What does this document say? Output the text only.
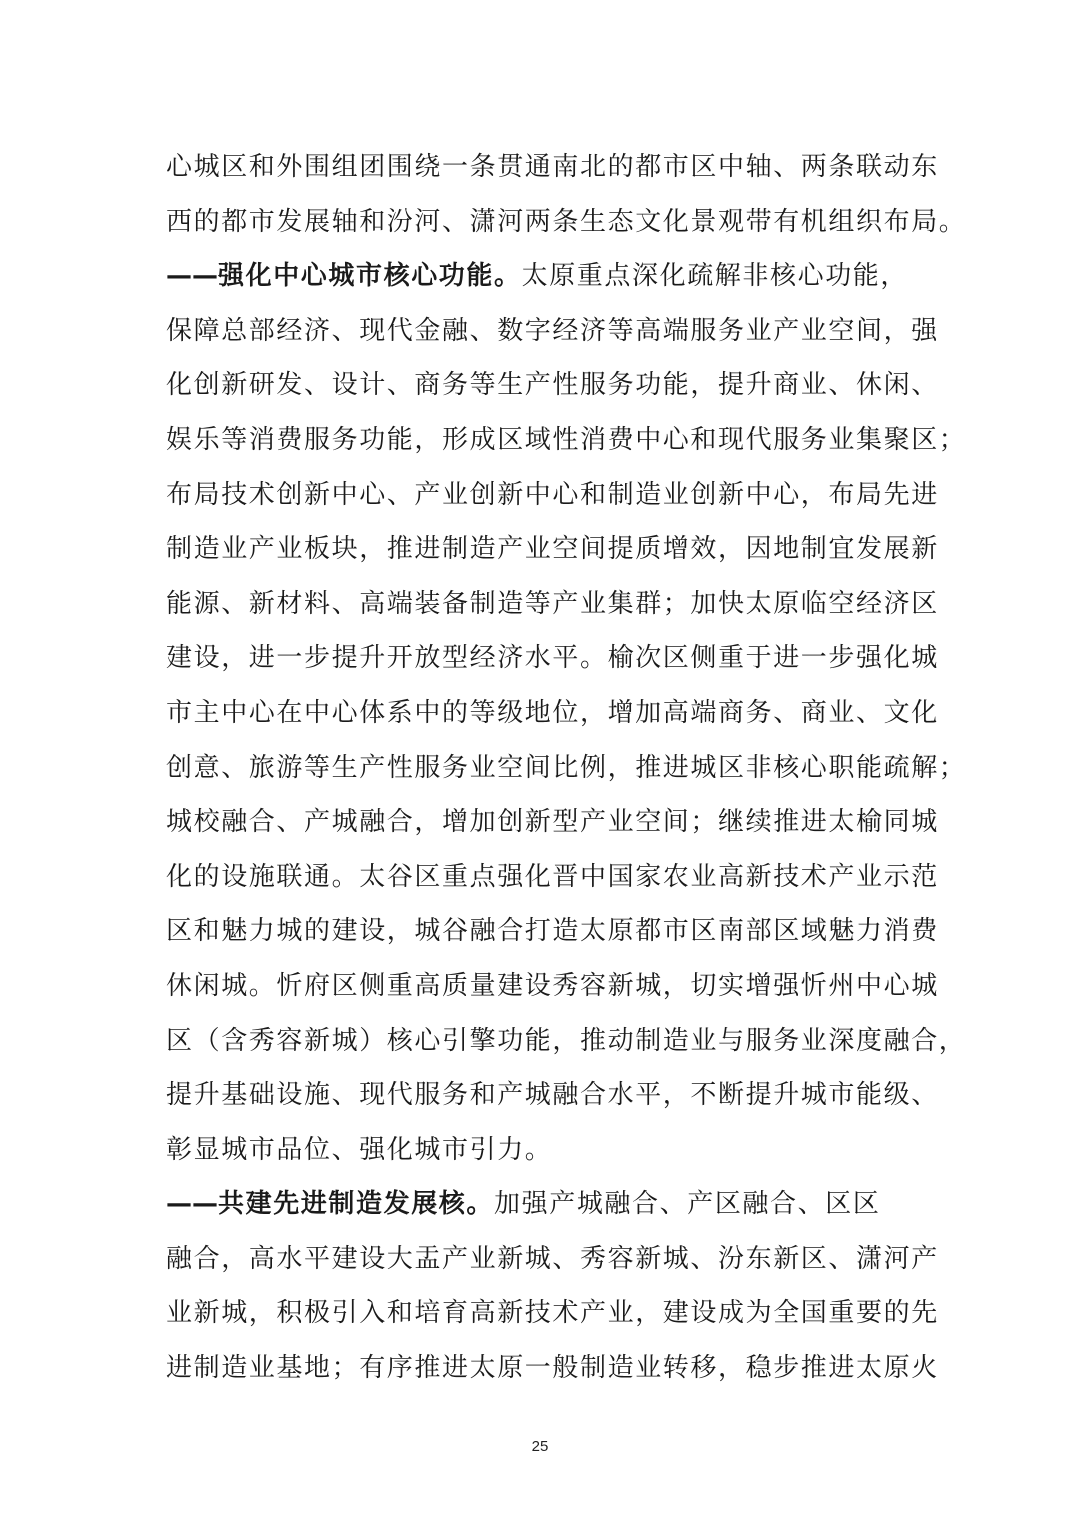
心城区和外围组团围绕一条贯通南北的都市区中轴、两条联动东
西的都市发展轴和汾河、潇河两条生态文化景观带有机组织布局。
——强化中心城市核心功能。太原重点深化疏解非核心功能，
保障总部经济、现代金融、数字经济等高端服务业产业空间，强
化创新研发、设计、商务等生产性服务功能，提升商业、休闲、
娱乐等消费服务功能，形成区域性消费中心和现代服务业集聚区；
布局技术创新中心、产业创新中心和制造业创新中心，布局先进
制造业产业板块，推进制造产业空间提质增效，因地制宜发展新
能源、新材料、高端装备制造等产业集群；加快太原临空经济区
建设，进一步提升开放型经济水平。榆次区侧重于进一步强化城
市主中心在中心体系中的等级地位，增加高端商务、商业、文化
创意、旅游等生产性服务业空间比例，推进城区非核心职能疏解；
城校融合、产城融合，增加创新型产业空间；继续推进太榆同城
化的设施联通。太谷区重点强化晋中国家农业高新技术产业示范
区和魅力城的建设，城谷融合打造太原都市区南部区域魅力消费
休闲城。忻府区侧重高质量建设秀容新城，切实增强忻州中心城
区（含秀容新城）核心引擎功能，推动制造业与服务业深度融合，
提升基础设施、现代服务和产城融合水平，不断提升城市能级、
彰显城市品位、强化城市引力。
——共建先进制造发展核。加强产城融合、产区融合、区区
融合，高水平建设大盂产业新城、秀容新城、汾东新区、潇河产
业新城，积极引入和培育高新技术产业，建设成为全国重要的先
进制造业基地；有序推进太原一般制造业转移，稳步推进太原火
25
